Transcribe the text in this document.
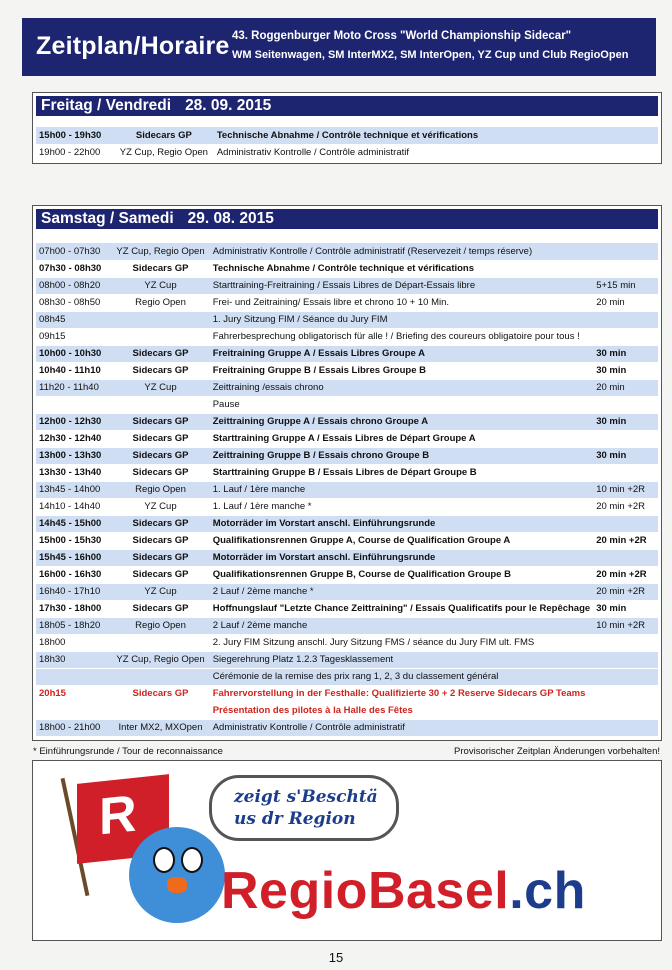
Zeitplan/Horaire 43. Roggenburger Moto Cross "World Championship Sidecar"
WM Seitenwagen, SM InterMX2, SM InterOpen, YZ Cup und Club RegioOpen
Freitag / Vendredi 28. 09. 2015
15h00 - 19h30	Sidecars GP	Technische Abnahme / Contrôle technique et vérifications	
19h00 - 22h00	YZ Cup, Regio Open	Administrativ Kontrolle / Contrôle administratif	
Samstag / Samedi 29. 08. 2015
07h00 - 07h30	YZ Cup, Regio Open	Administrativ Kontrolle / Contrôle administratif (Reservezeit / temps réserve)	
07h30 - 08h30	Sidecars GP	Technische Abnahme / Contrôle technique et vérifications	
08h00 - 08h20	YZ Cup	Starttraining-Freitraining / Essais Libres de Départ-Essais libre	5+15 min
08h30 - 08h50	Regio Open	Frei- und Zeitraining/ Essais libre et chrono 10 + 10 Min.	20 min
08h45		1. Jury Sitzung FIM / Séance du Jury FIM	
09h15		Fahrerbesprechung obligatorisch für alle ! / Briefing des coureurs obligatoire pour tous !	
10h00 - 10h30	Sidecars GP	Freitraining Gruppe A / Essais Libres Groupe A	30 min
10h40 - 11h10	Sidecars GP	Freitraining Gruppe B / Essais Libres Groupe B	30 min
11h20 - 11h40	YZ Cup	Zeittraining /essais chrono	20 min
		Pause	
12h00 - 12h30	Sidecars GP	Zeittraining Gruppe A / Essais chrono Groupe A	30 min
12h30 - 12h40	Sidecars GP	Starttraining Gruppe A / Essais Libres de Départ Groupe A	
13h00 - 13h30	Sidecars GP	Zeittraining Gruppe B / Essais chrono Groupe B	30 min
13h30 - 13h40	Sidecars GP	Starttraining Gruppe B / Essais Libres de Départ Groupe B	
13h45 - 14h00	Regio Open	1. Lauf / 1ère manche	10 min +2R
14h10 - 14h40	YZ Cup	1. Lauf / 1ère manche *	20 min +2R
14h45 - 15h00	Sidecars GP	Motorräder im Vorstart anschl. Einführungsrunde	
15h00 - 15h30	Sidecars GP	Qualifikationsrennen Gruppe A, Course de Qualification Groupe A	20 min +2R
15h45 - 16h00	Sidecars GP	Motorräder im Vorstart anschl. Einführungsrunde	
16h00 - 16h30	Sidecars GP	Qualifikationsrennen Gruppe B, Course de Qualification Groupe B	20 min +2R
16h40 - 17h10	YZ Cup	2 Lauf / 2ème manche *	20 min +2R
17h30 - 18h00	Sidecars GP	Hoffnungslauf "Letzte Chance Zeittraining" / Essais Qualificatifs pour le Repêchage	30 min
18h05 - 18h20	Regio Open	2 Lauf / 2ème manche	10 min +2R
18h00		2. Jury FIM Sitzung anschl. Jury Sitzung FMS / séance du Jury FIM ult. FMS	
18h30	YZ Cup, Regio Open	Siegerehrung Platz 1.2.3 Tagesklassement	
		Cérémonie de la remise des prix rang 1, 2, 3 du classement général	
20h15	Sidecars GP	Fahrervorstellung in der Festhalle: Qualifizierte 30 + 2 Reserve Sidecars GP Teams	
		Présentation des pilotes à la Halle des Fêtes	
18h00 - 21h00	Inter MX2, MXOpen	Administrativ Kontrolle / Contrôle administratif	
* Einführungsrunde / Tour de reconnaissance	Provisorischer Zeitplan Änderungen vorbehalten!
R	zeigt s'Beschtä
us dr Region
RegioBasel.ch
15
